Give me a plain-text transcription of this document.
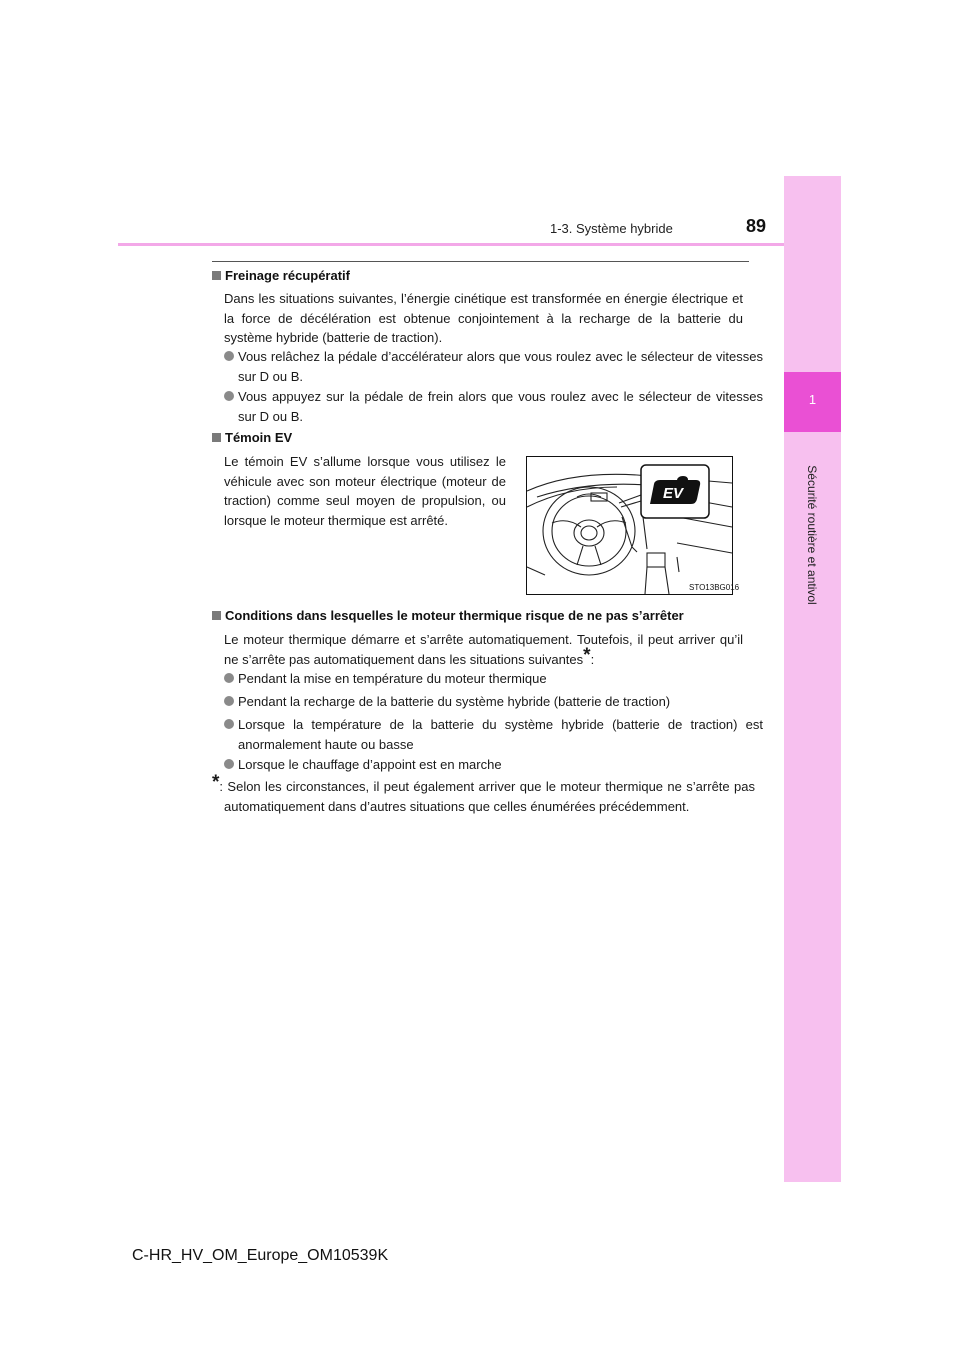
1
Sécurité routière et antivol
1-3. Système hybride	89
Freinage récupératif
Dans les situations suivantes, l’énergie cinétique est transformée en énergie électrique et la force de décélération est obtenue conjointement à la recharge de la batterie du système hybride (batterie de traction).
Vous relâchez la pédale d’accélérateur alors que vous roulez avec le sélecteur de vitesses sur D ou B.
Vous appuyez sur la pédale de frein alors que vous roulez avec le sélecteur de vitesses sur D ou B.
Témoin EV
Le témoin EV s’allume lorsque vous utilisez le véhicule avec son moteur électrique (moteur de traction) comme seul moyen de propulsion, ou lorsque le moteur thermique est arrêté.
EV
STO13BG016
Conditions dans lesquelles le moteur thermique risque de ne pas s’arrêter
Le moteur thermique démarre et s’arrête automatiquement. Toutefois, il peut arriver qu’il ne s’arrête pas automatiquement dans les situations suivantes*:
Pendant la mise en température du moteur thermique
Pendant la recharge de la batterie du système hybride (batterie de traction)
Lorsque la température de la batterie du système hybride (batterie de traction) est anormalement haute ou basse
Lorsque le chauffage d’appoint est en marche
*: Selon les circonstances, il peut également arriver que le moteur thermique ne s’arrête pas automatiquement dans d’autres situations que celles énumérées précédemment.
C-HR_HV_OM_Europe_OM10539K
